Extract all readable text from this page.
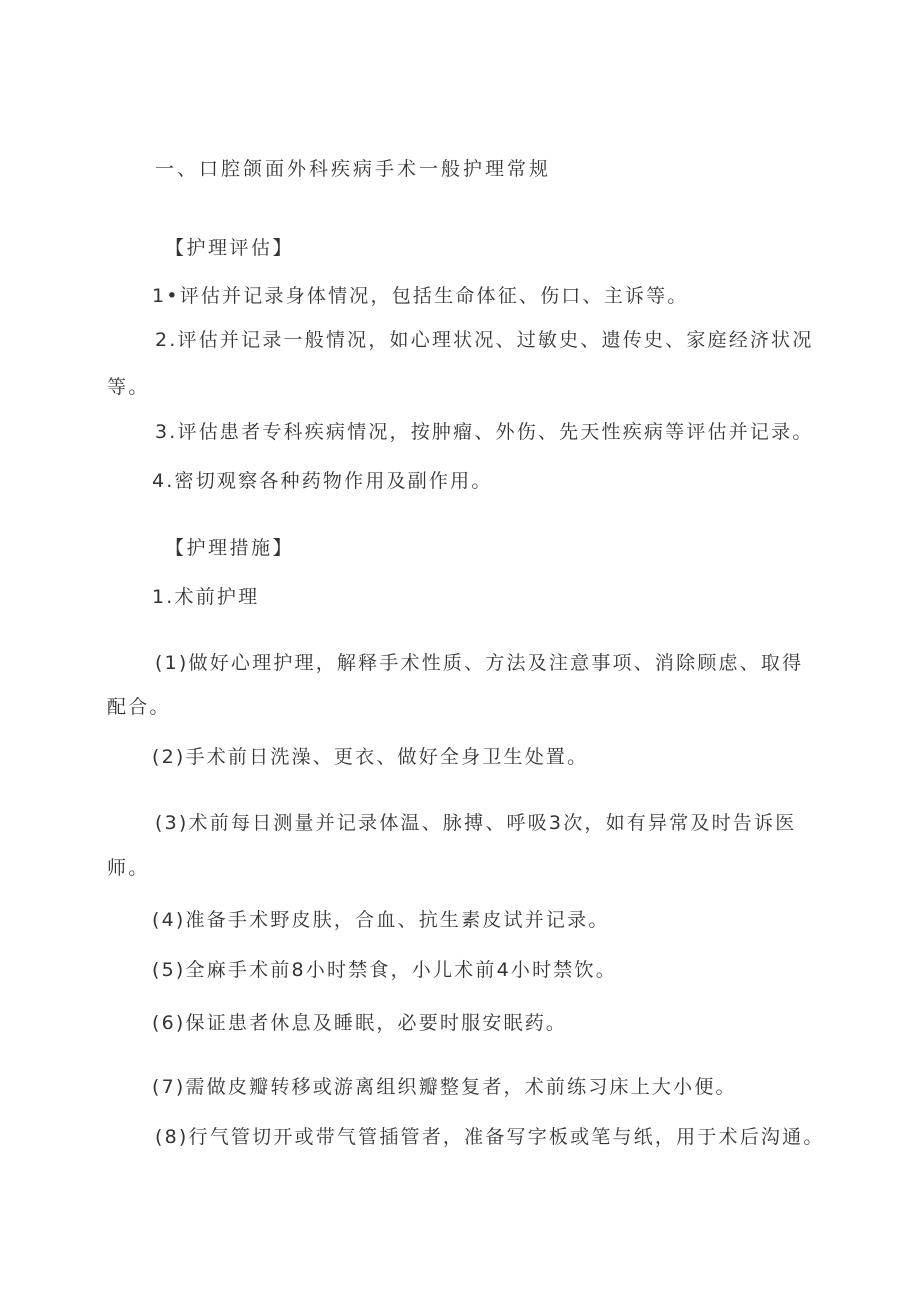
一、口腔颌面外科疾病手术一般护理常规
【护理评估】
1•评估并记录身体情况，包括生命体征、伤口、主诉等。
2.评估并记录一般情况，如心理状况、过敏史、遗传史、家庭经济状况
等。
3.评估患者专科疾病情况，按肿瘤、外伤、先天性疾病等评估并记录。
4.密切观察各种药物作用及副作用。
【护理措施】
1.术前护理
(1)做好心理护理，解释手术性质、方法及注意事项、消除顾虑、取得
配合。
(2)手术前日洗澡、更衣、做好全身卫生处置。
(3)术前每日测量并记录体温、脉搏、呼吸3次，如有异常及时告诉医
师。
(4)准备手术野皮肤，合血、抗生素皮试并记录。
(5)全麻手术前8小时禁食，小儿术前4小时禁饮。
(6)保证患者休息及睡眠，必要时服安眠药。
(7)需做皮瓣转移或游离组织瓣整复者，术前练习床上大小便。
(8)行气管切开或带气管插管者，准备写字板或笔与纸，用于术后沟通。
